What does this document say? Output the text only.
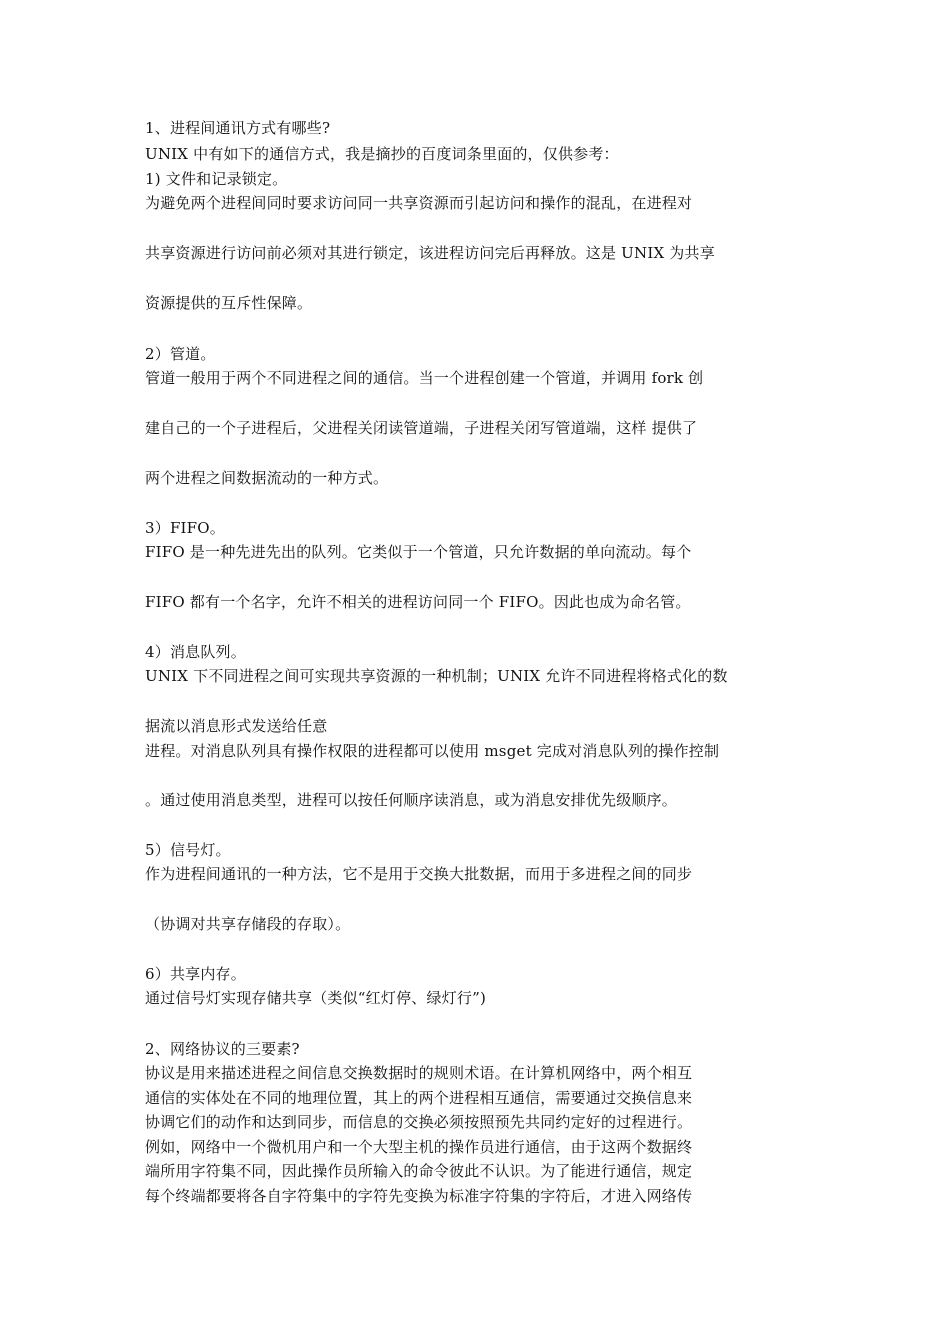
1、进程间通讯方式有哪些?
UNIX 中有如下的通信方式，我是摘抄的百度词条里面的，仅供参考：
1) 文件和记录锁定。
为避免两个进程间同时要求访问同一共享资源而引起访问和操作的混乱，在进程对
共享资源进行访问前必须对其进行锁定，该进程访问完后再释放。这是 UNIX 为共享
资源提供的互斥性保障。
2）管道。
管道一般用于两个不同进程之间的通信。当一个进程创建一个管道，并调用 fork 创
建自己的一个子进程后，父进程关闭读管道端，子进程关闭写管道端，这样 提供了
两个进程之间数据流动的一种方式。
3）FIFO。
FIFO 是一种先进先出的队列。它类似于一个管道，只允许数据的单向流动。每个
FIFO 都有一个名字，允许不相关的进程访问同一个 FIFO。因此也成为命名管。
4）消息队列。
UNIX 下不同进程之间可实现共享资源的一种机制；UNIX 允许不同进程将格式化的数
据流以消息形式发送给任意
进程。对消息队列具有操作权限的进程都可以使用 msget 完成对消息队列的操作控制
。通过使用消息类型，进程可以按任何顺序读消息，或为消息安排优先级顺序。
5）信号灯。
作为进程间通讯的一种方法，它不是用于交换大批数据，而用于多进程之间的同步
（协调对共享存储段的存取）。
6）共享内存。
通过信号灯实现存储共享（类似“红灯停、绿灯行”)
2、网络协议的三要素?
协议是用来描述进程之间信息交换数据时的规则术语。在计算机网络中，两个相互
通信的实体处在不同的地理位置，其上的两个进程相互通信，需要通过交换信息来
协调它们的动作和达到同步，而信息的交换必须按照预先共同约定好的过程进行。
例如，网络中一个微机用户和一个大型主机的操作员进行通信，由于这两个数据终
端所用字符集不同，因此操作员所输入的命令彼此不认识。为了能进行通信，规定
每个终端都要将各自字符集中的字符先变换为标准字符集的字符后，才进入网络传
